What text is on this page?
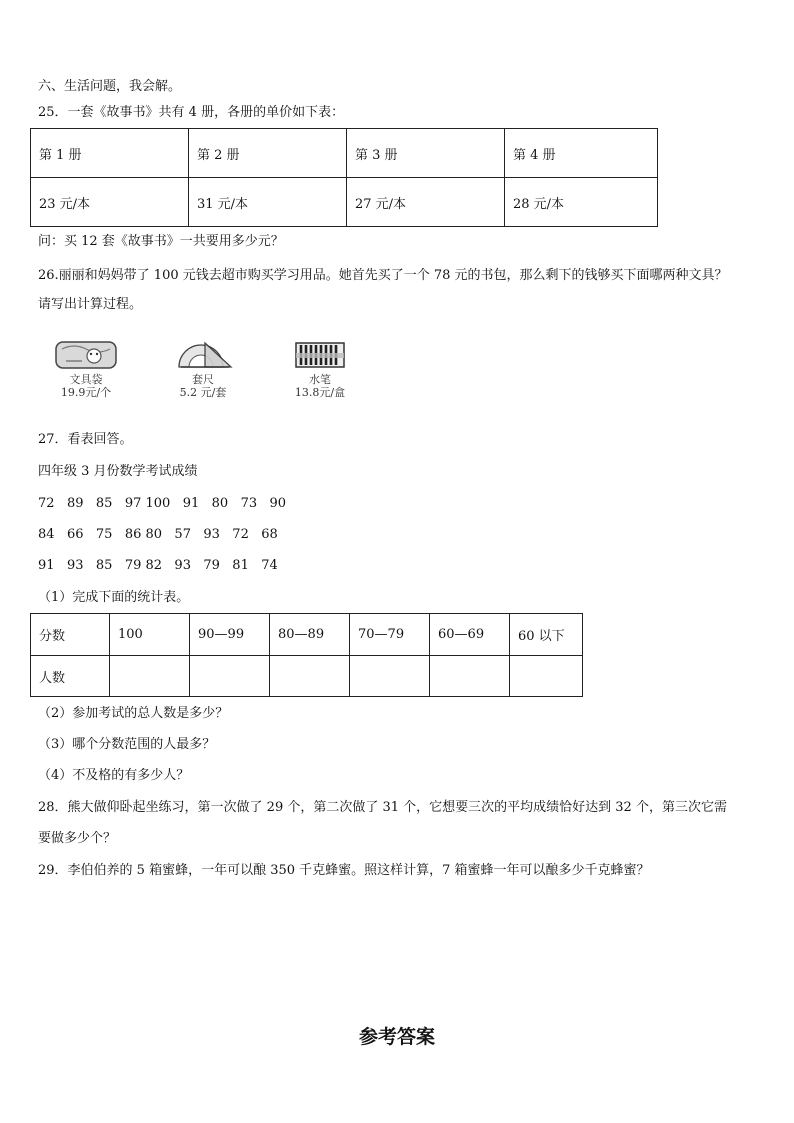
六、生活问题，我会解。
25．一套《故事书》共有 4 册，各册的单价如下表：
第 1 册	第 2 册	第 3 册	第 4 册
23 元/本	31 元/本	27 元/本	28 元/本
问：买 12 套《故事书》一共要用多少元？
26.丽丽和妈妈带了 100 元钱去超市购买学习用品。她首先买了一个 78 元的书包，那么剩下的钱够买下面哪两种文具？
请写出计算过程。
文具袋
19.9元/个
套尺
5.2 元/套
水笔
13.8元/盒
27．看表回答。
四年级 3 月份数学考试成绩
72   89   85   97 100   91   80   73   90
84   66   75   86 80   57   93   72   68
91   93   85   79 82   93   79   81   74
（1）完成下面的统计表。
分数	100	90—99	80—89	70—79	60—69	60 以下
人数						
（2）参加考试的总人数是多少？
（3）哪个分数范围的人最多？
（4）不及格的有多少人？
28．熊大做仰卧起坐练习，第一次做了 29 个，第二次做了 31 个，它想要三次的平均成绩恰好达到 32 个，第三次它需
要做多少个？
29．李伯伯养的 5 箱蜜蜂，一年可以酿 350 千克蜂蜜。照这样计算，7 箱蜜蜂一年可以酿多少千克蜂蜜？
参考答案
